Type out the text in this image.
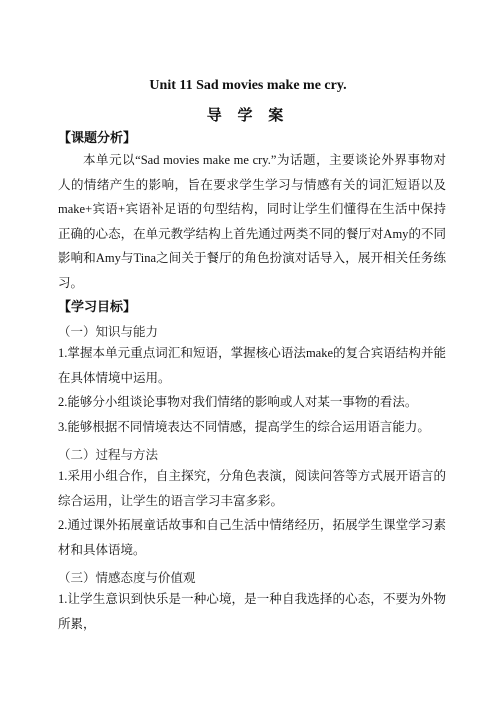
Unit 11 Sad movies make me cry.
导 学 案
【课题分析】

本单元以“Sad movies make me cry.”为话题，主要谈论外界事物对人的情绪产生的影响，旨在要求学生学习与情感有关的词汇短语以及 make+宾语+宾语补足语的句型结构，同时让学生们懂得在生活中保持正确的心态，在单元教学结构上首先通过两类不同的餐厅对Amy的不同影响和Amy与Tina之间关于餐厅的角色扮演对话导入，展开相关任务练习。

【学习目标】
（一）知识与能力

1.掌握本单元重点词汇和短语，掌握核心语法make的复合宾语结构并能在具体情境中运用。

2.能够分小组谈论事物对我们情绪的影响或人对某一事物的看法。

3.能够根据不同情境表达不同情感，提高学生的综合运用语言能力。

（二）过程与方法

1.采用小组合作，自主探究，分角色表演，阅读问答等方式展开语言的综合运用，让学生的语言学习丰富多彩。

2.通过课外拓展童话故事和自己生活中情绪经历，拓展学生课堂学习素材和具体语境。

（三）情感态度与价值观

1.让学生意识到快乐是一种心境，是一种自我选择的心态，不要为外物所累，
